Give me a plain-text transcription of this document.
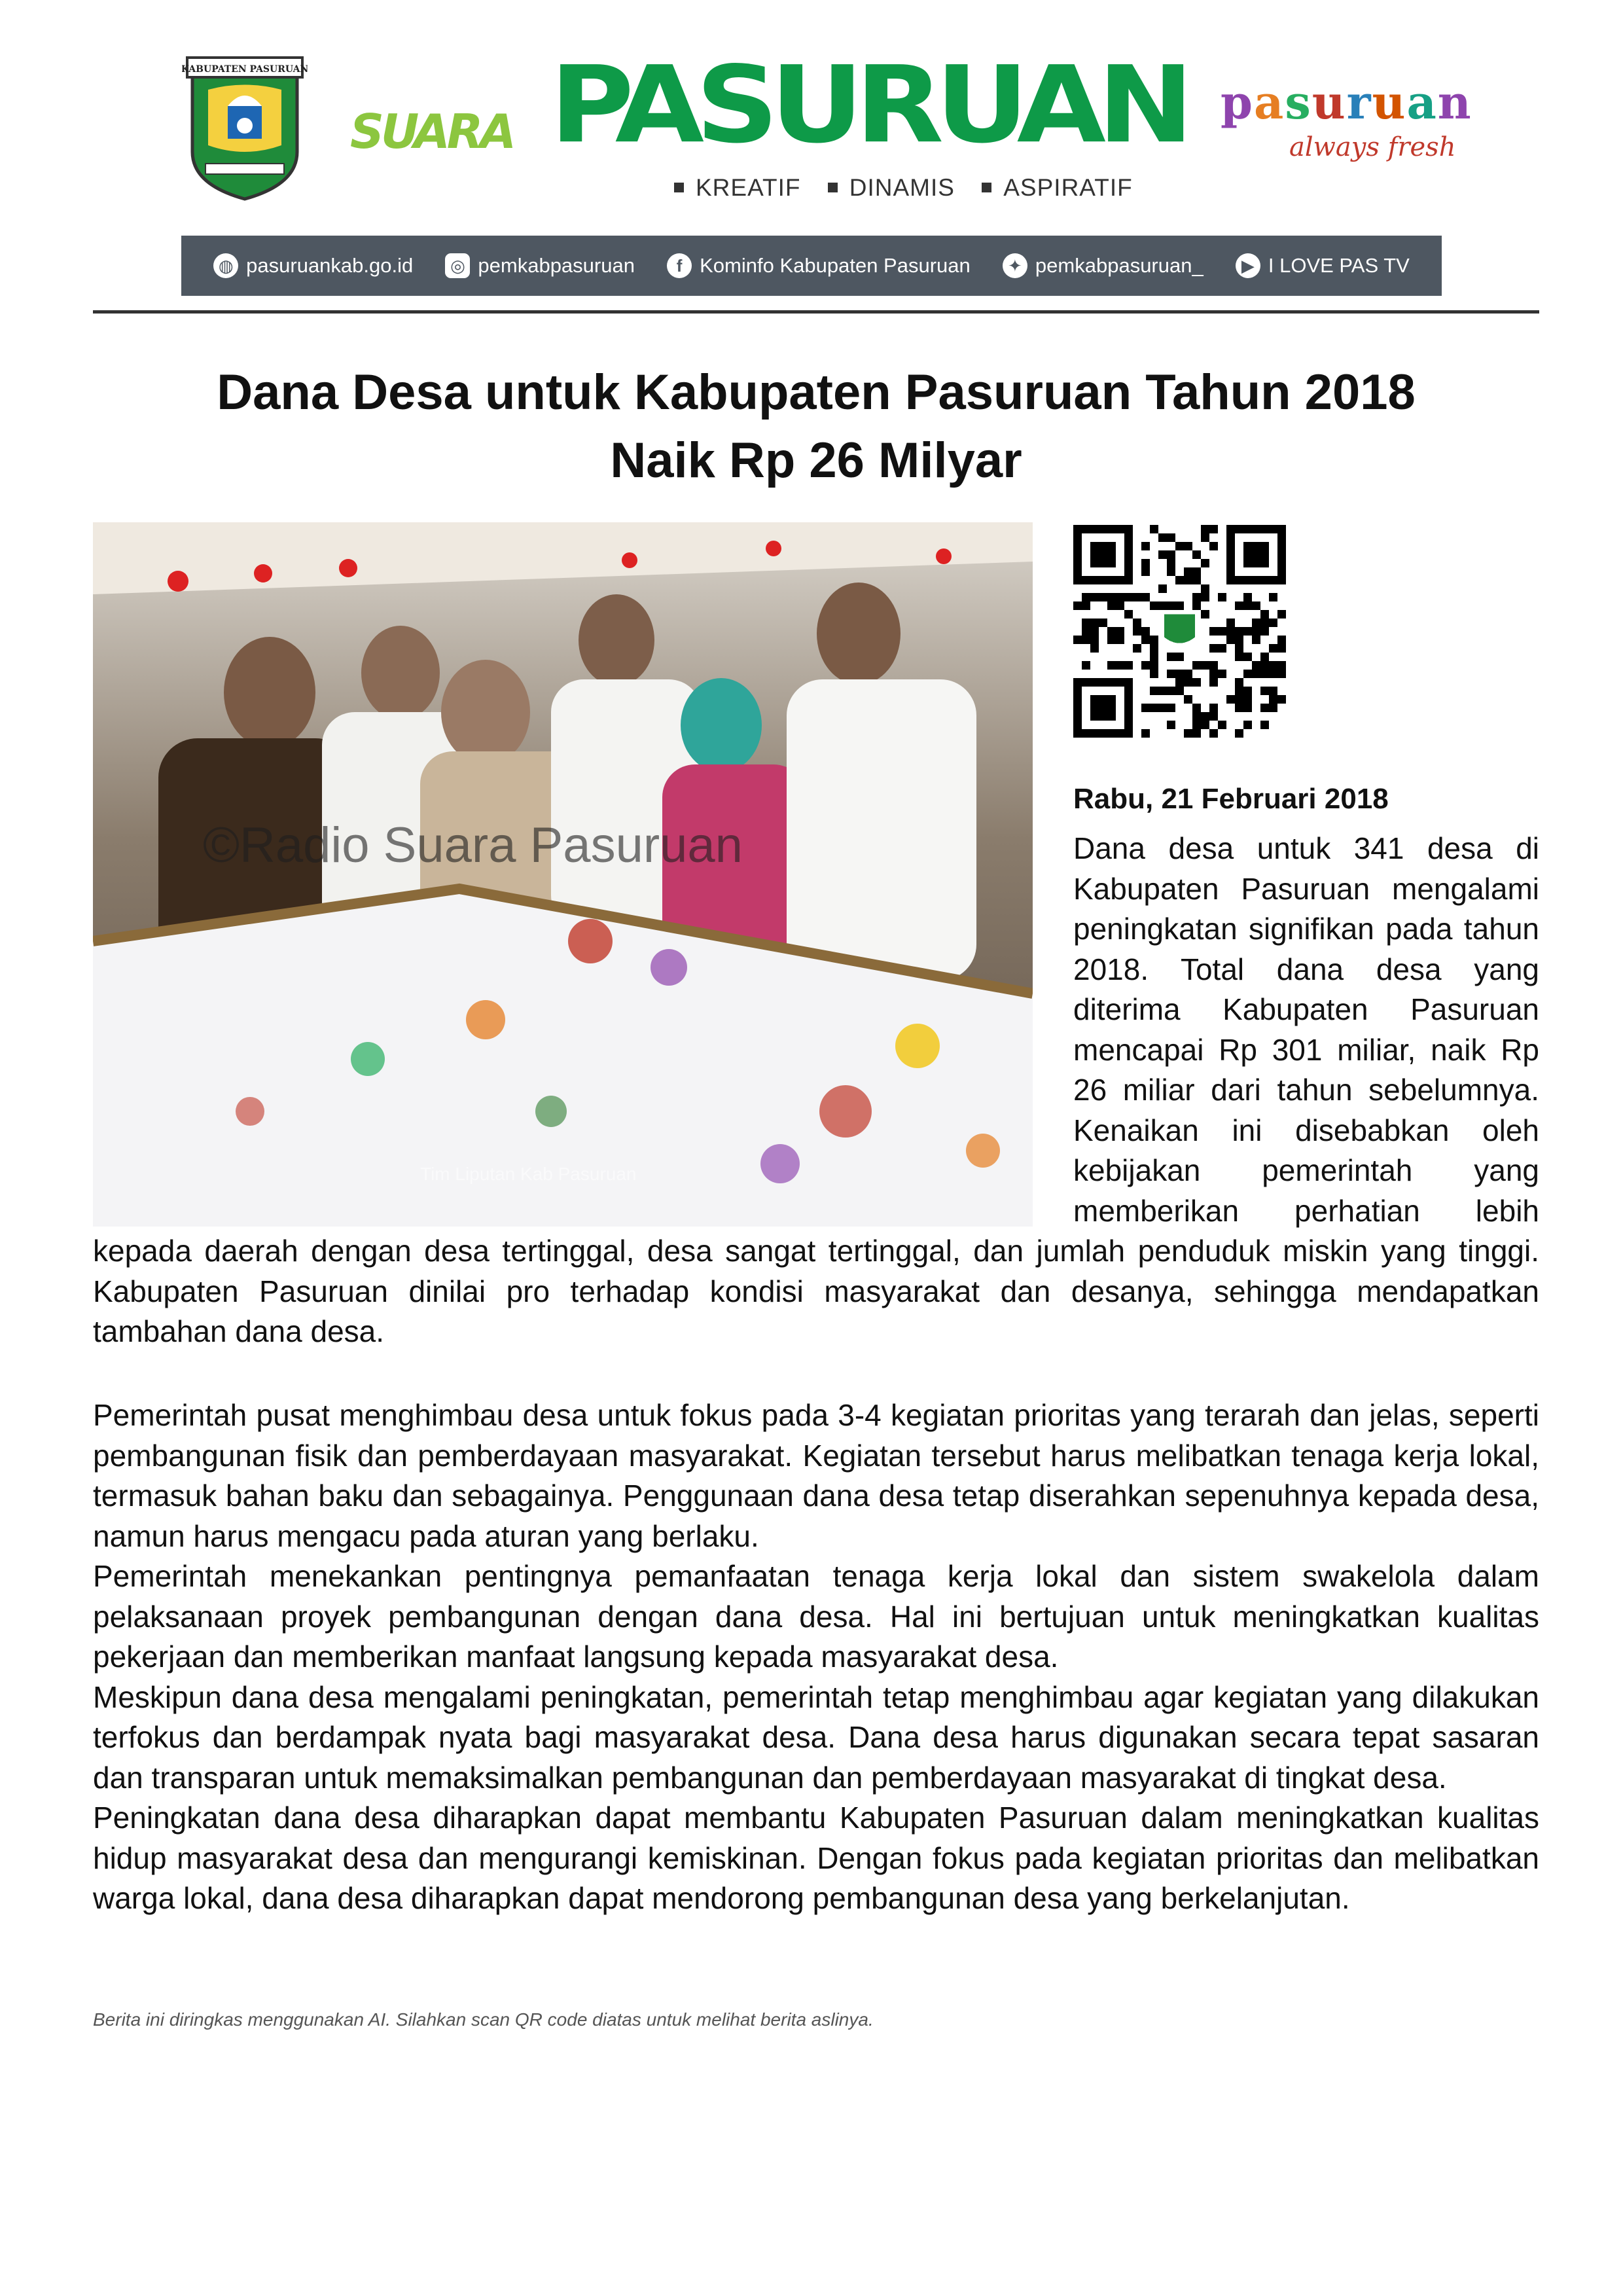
KABUPATEN PASURUAN
SUARA PASURUAN
KREATIF DINAMIS ASPIRATIF
pasuruan
always fresh
◍ pasuruankab.go.id ◎ pemkabpasuruan	f Kominfo Kabupaten Pasuruan	✦ pemkabpasuruan_	▶ I LOVE PAS TV
Dana Desa untuk Kabupaten Pasuruan Tahun 2018
Naik Rp 26 Milyar
©Radio Suara Pasuruan
Tim Liputan Kab Pasuruan

Rabu, 21 Februari 2018

Dana desa untuk 341 desa di Kabupaten Pasuruan mengalami peningkatan signifikan pada tahun 2018. Total dana desa yang diterima Kabupaten Pasuruan mencapai Rp 301 miliar, naik Rp 26 miliar dari tahun sebelumnya. Kenaikan ini disebabkan oleh kebijakan pemerintah yang memberikan perhatian lebih kepada daerah dengan desa tertinggal, desa sangat tertinggal, dan jumlah penduduk miskin yang tinggi. Kabupaten Pasuruan dinilai pro terhadap kondisi masyarakat dan desanya, sehingga mendapatkan tambahan dana desa.

Pemerintah pusat menghimbau desa untuk fokus pada 3-4 kegiatan prioritas yang terarah dan jelas, seperti pembangunan fisik dan pemberdayaan masyarakat. Kegiatan tersebut harus melibatkan tenaga kerja lokal, termasuk bahan baku dan sebagainya. Penggunaan dana desa tetap diserahkan sepenuhnya kepada desa, namun harus mengacu pada aturan yang berlaku.

Pemerintah menekankan pentingnya pemanfaatan tenaga kerja lokal dan sistem swakelola dalam pelaksanaan proyek pembangunan dengan dana desa. Hal ini bertujuan untuk meningkatkan kualitas pekerjaan dan memberikan manfaat langsung kepada masyarakat desa.

Meskipun dana desa mengalami peningkatan, pemerintah tetap menghimbau agar kegiatan yang dilakukan terfokus dan berdampak nyata bagi masyarakat desa. Dana desa harus digunakan secara tepat sasaran dan transparan untuk memaksimalkan pembangunan dan pemberdayaan masyarakat di tingkat desa.

Peningkatan dana desa diharapkan dapat membantu Kabupaten Pasuruan dalam meningkatkan kualitas hidup masyarakat desa dan mengurangi kemiskinan. Dengan fokus pada kegiatan prioritas dan melibatkan warga lokal, dana desa diharapkan dapat mendorong pembangunan desa yang berkelanjutan.

Berita ini diringkas menggunakan AI. Silahkan scan QR code diatas untuk melihat berita aslinya.
